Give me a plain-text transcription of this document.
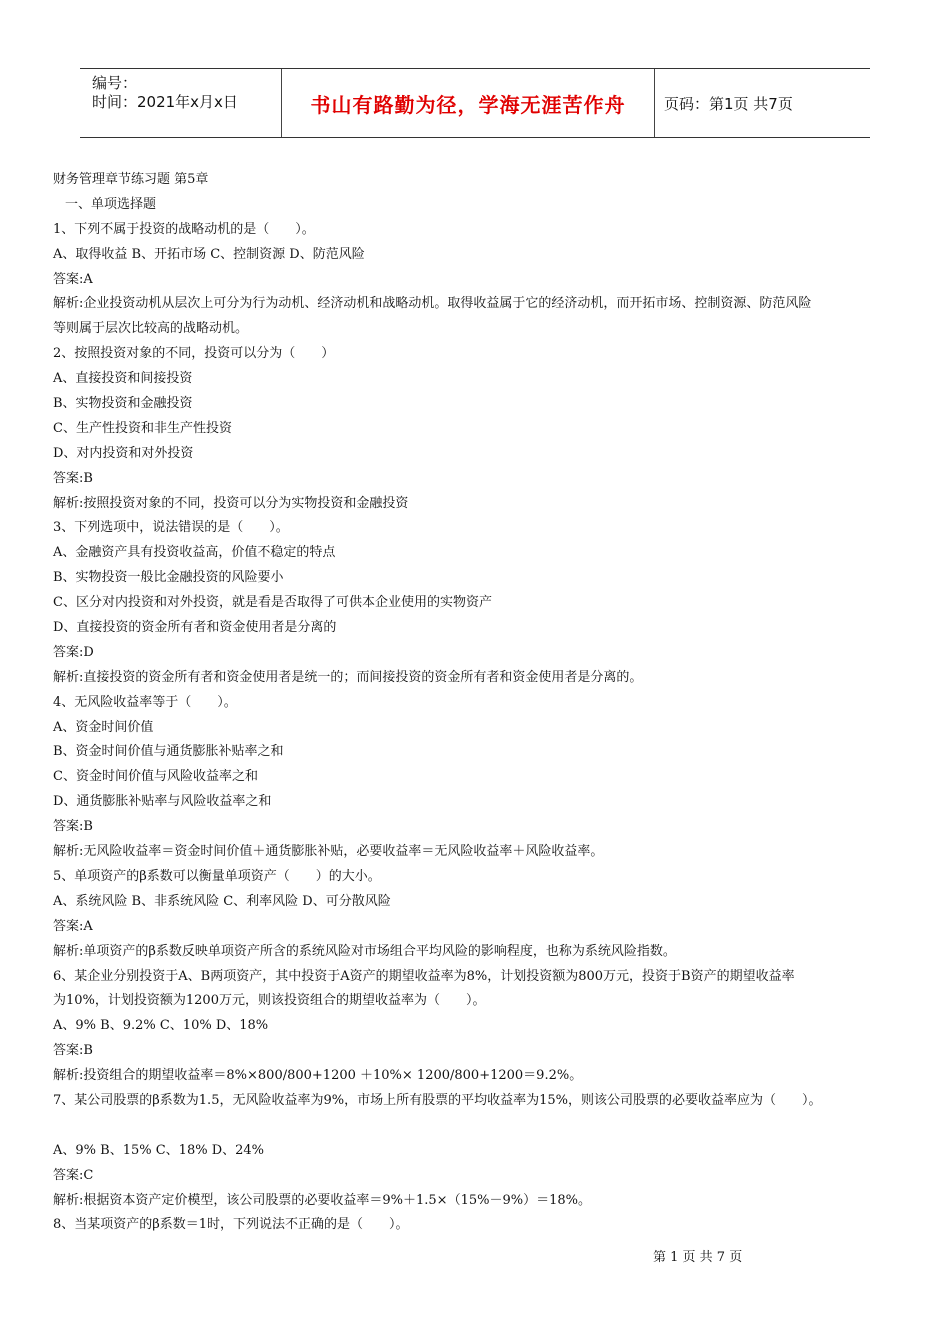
编号：
时间：2021年x月x日	书山有路勤为径，学海无涯苦作舟	页码：第1页 共7页
财务管理章节练习题 第5章
一、单项选择题
1、下列不属于投资的战略动机的是（　　）。
A、取得收益 B、开拓市场 C、控制资源 D、防范风险
答案:A
解析:企业投资动机从层次上可分为行为动机、经济动机和战略动机。取得收益属于它的经济动机，而开拓市场、控制资源、防范风险
等则属于层次比较高的战略动机。
2、按照投资对象的不同，投资可以分为（　　）
A、直接投资和间接投资
B、实物投资和金融投资
C、生产性投资和非生产性投资
D、对内投资和对外投资
答案:B
解析:按照投资对象的不同，投资可以分为实物投资和金融投资
3、下列选项中，说法错误的是（　　）。
A、金融资产具有投资收益高，价值不稳定的特点
B、实物投资一般比金融投资的风险要小
C、区分对内投资和对外投资，就是看是否取得了可供本企业使用的实物资产
D、直接投资的资金所有者和资金使用者是分离的
答案:D
解析:直接投资的资金所有者和资金使用者是统一的；而间接投资的资金所有者和资金使用者是分离的。
4、无风险收益率等于（　　）。
A、资金时间价值
B、资金时间价值与通货膨胀补贴率之和
C、资金时间价值与风险收益率之和
D、通货膨胀补贴率与风险收益率之和
答案:B
解析:无风险收益率＝资金时间价值＋通货膨胀补贴，必要收益率＝无风险收益率＋风险收益率。
5、单项资产的β系数可以衡量单项资产（　　）的大小。
A、系统风险 B、非系统风险 C、利率风险 D、可分散风险
答案:A
解析:单项资产的β系数反映单项资产所含的系统风险对市场组合平均风险的影响程度，也称为系统风险指数。
6、某企业分别投资于A、B两项资产，其中投资于A资产的期望收益率为8%，计划投资额为800万元，投资于B资产的期望收益率
为10%，计划投资额为1200万元，则该投资组合的期望收益率为（　　）。
A、9% B、9.2% C、10% D、18%
答案:B
解析:投资组合的期望收益率＝8%×800/800+1200 ＋10%× 1200/800+1200＝9.2%。
7、某公司股票的β系数为1.5，无风险收益率为9%，市场上所有股票的平均收益率为15%，则该公司股票的必要收益率应为（　　）。
A、9% B、15% C、18% D、24%
答案:C
解析:根据资本资产定价模型，该公司股票的必要收益率＝9%＋1.5×（15%－9%）＝18%。
8、当某项资产的β系数＝1时，下列说法不正确的是（　　）。
第 1 页 共 7 页
